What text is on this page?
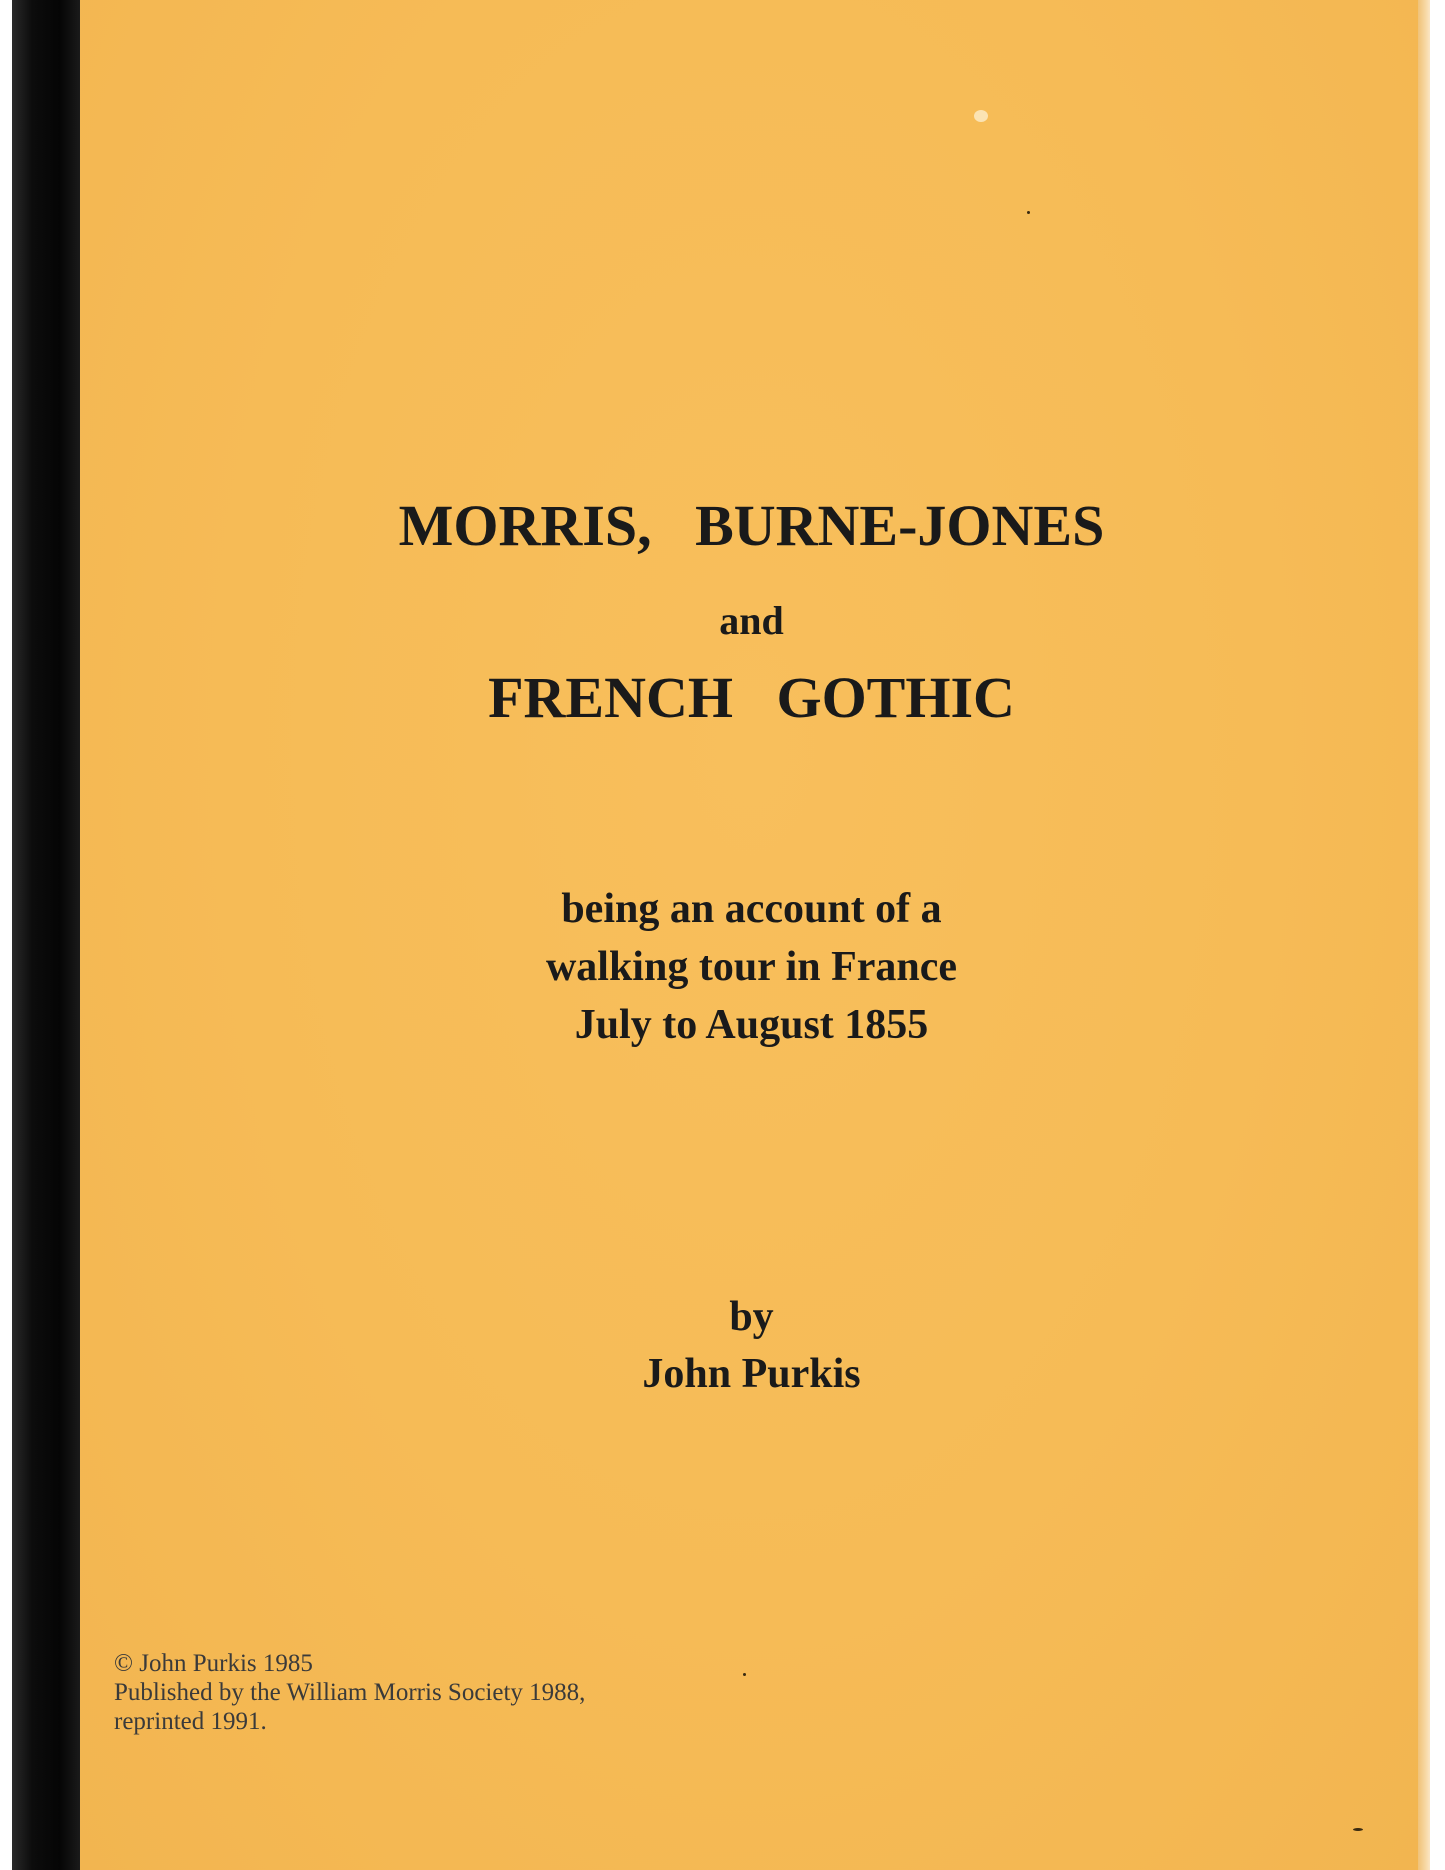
MORRIS,   BURNE-JONES
and
FRENCH   GOTHIC
being an account of a
walking tour in France
July to August 1855
by
John Purkis
© John Purkis 1985
Published by the William Morris Society 1988,
reprinted 1991.
